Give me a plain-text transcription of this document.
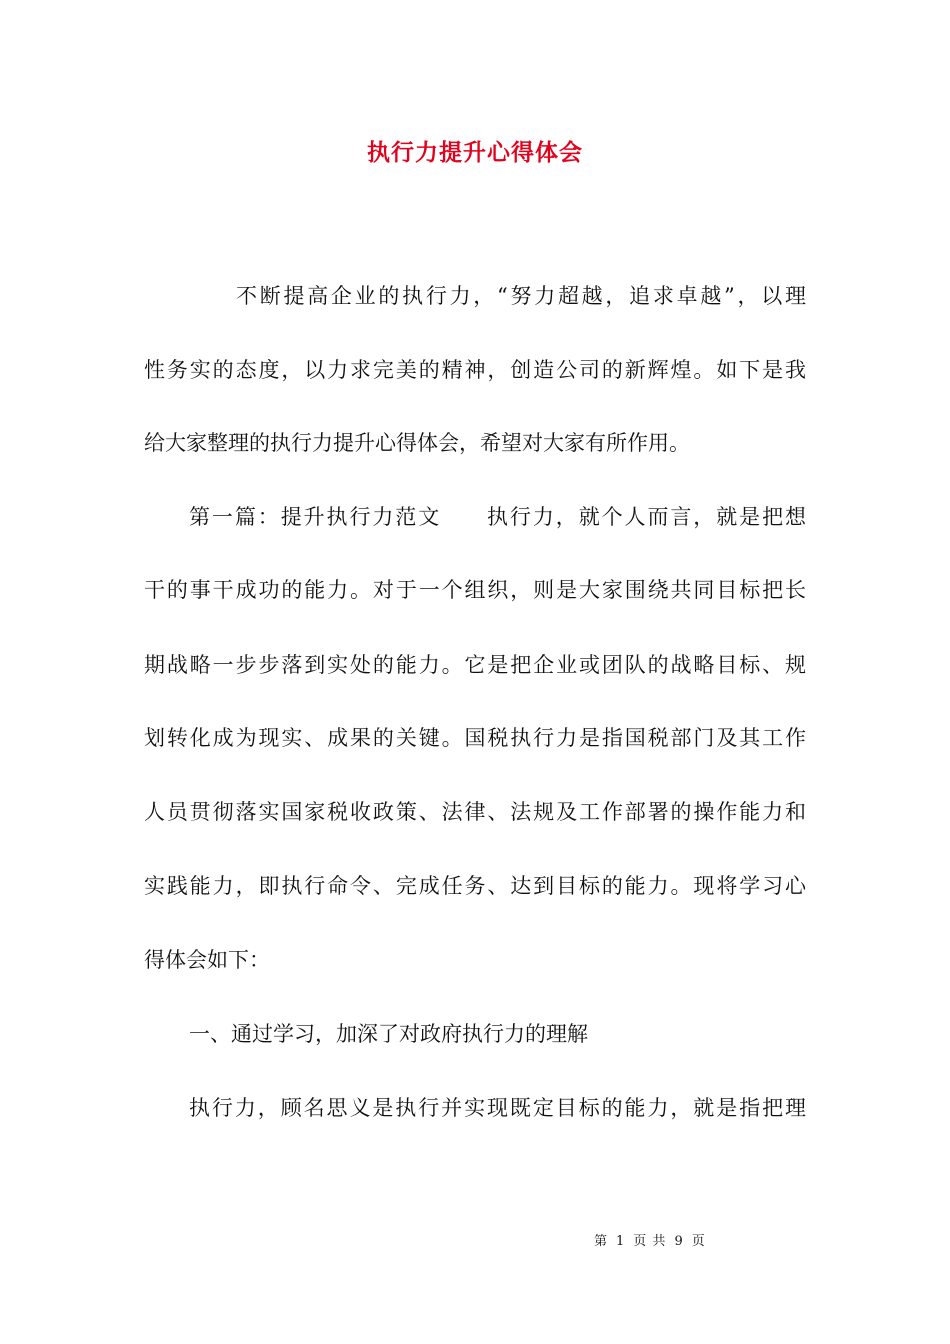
执行力提升心得体会
不断提高企业的执行力，“努力超越，追求卓越”，以理
性务实的态度，以力求完美的精神，创造公司的新辉煌。如下是我
给大家整理的执行力提升心得体会，希望对大家有所作用。
第一篇：提升执行力范文　　执行力，就个人而言，就是把想
干的事干成功的能力。对于一个组织，则是大家围绕共同目标把长
期战略一步步落到实处的能力。它是把企业或团队的战略目标、规
划转化成为现实、成果的关键。国税执行力是指国税部门及其工作
人员贯彻落实国家税收政策、法律、法规及工作部署的操作能力和
实践能力，即执行命令、完成任务、达到目标的能力。现将学习心
得体会如下：
一、通过学习，加深了对政府执行力的理解
执行力，顾名思义是执行并实现既定目标的能力，就是指把理
第 1 页 共 9 页
